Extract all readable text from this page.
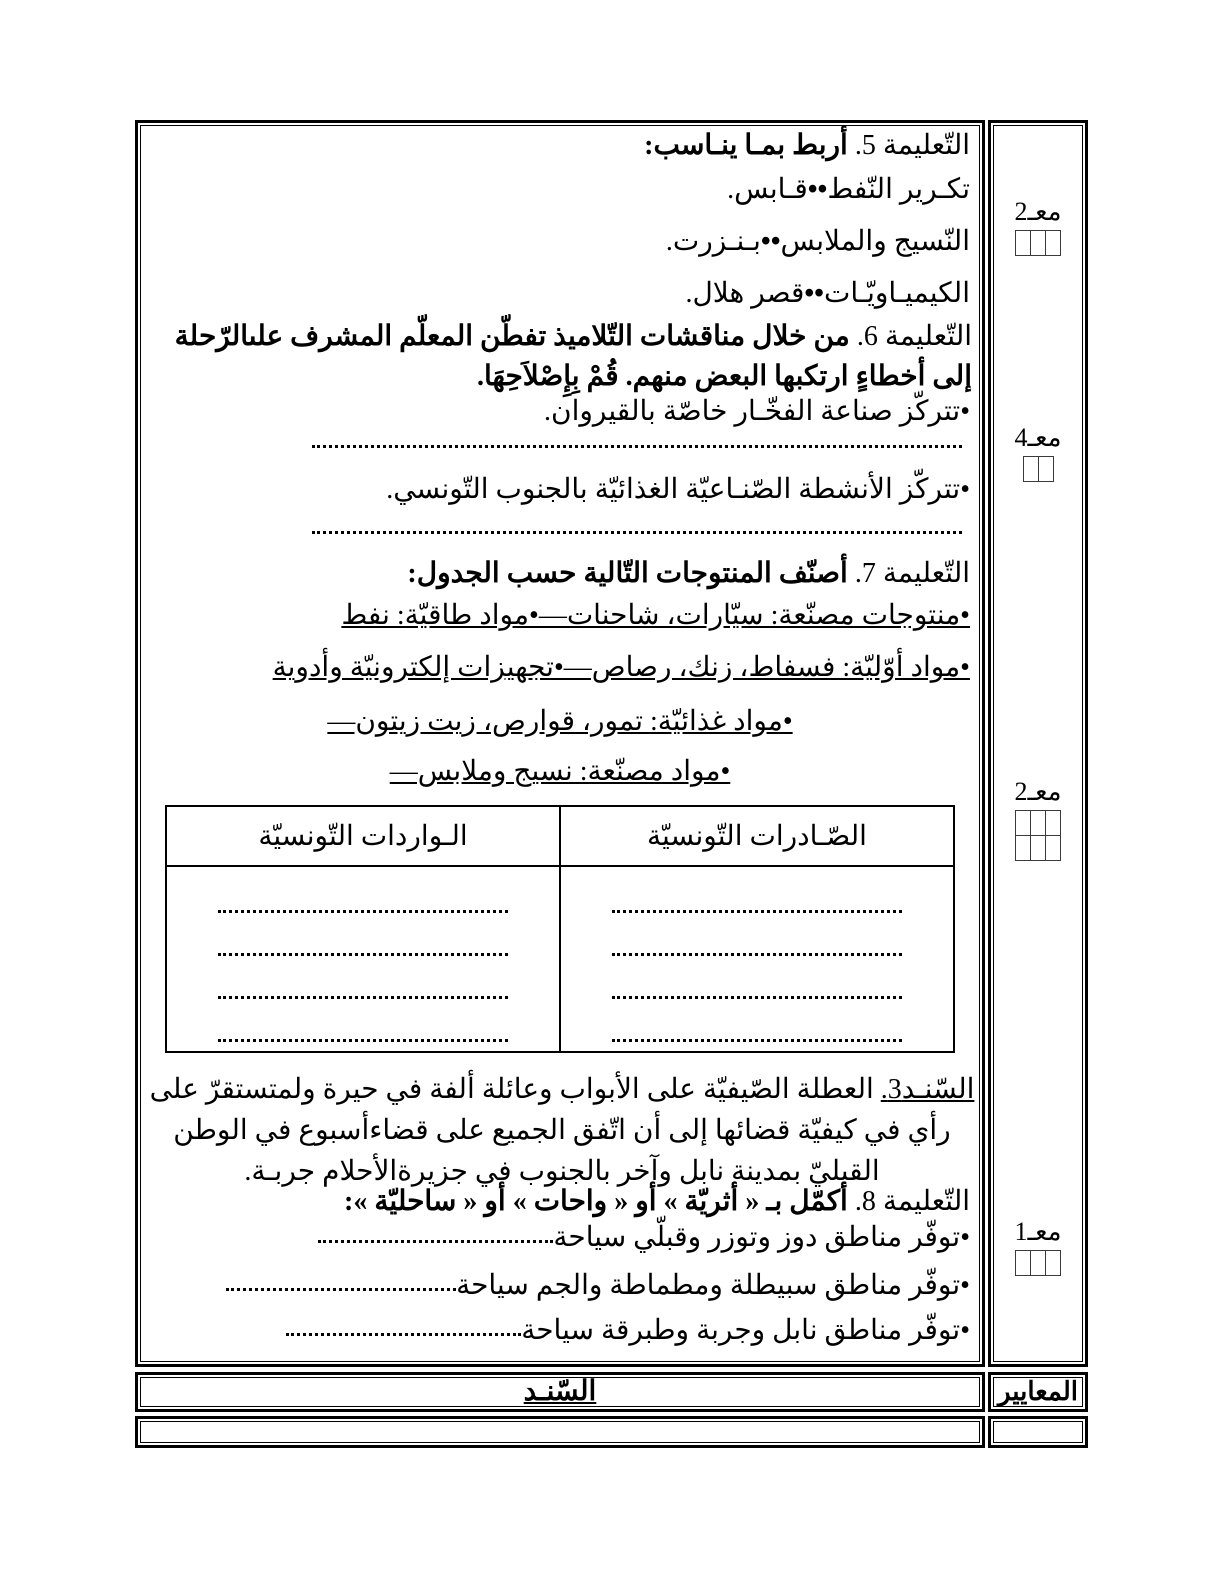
التّعليمة 5. أربط بمـا ينـاسب:
تكـرير النّفط••قـابس.
النّسيج والملابس••بـنـزرت.
الكيميـاويّـات••قصر هلال.
التّعليمة 6. من خلال مناقشات التّلاميذ تفطّن المعلّم المشرف علىالرّحلة إلى أخطاءٍ ارتكبها البعض منهم. قُمْ بِإِصْلاَحِهَا.
•تتركّز صناعة الفخّـار خاصّة بالقيروان.
•تتركّز الأنشطة الصّنـاعيّة الغذائيّة بالجنوب التّونسي.
التّعليمة 7. أصنّف المنتوجات التّالية حسب الجدول:
•منتوجات مصنّعة: سيّارات، شاحنات—•مواد طاقيّة: نفط
•مواد أوّليّة: فسفاط، زنك، رصاص—•تجهيزات إلكترونيّة وأدوية
•مواد غذائيّة: تمور، قوارص، زيت زيتون—
•مواد مصنّعة: نسيج وملابس—
الصّـادرات التّونسيّة	الـواردات التّونسيّة

السّنـد3. العطلة الصّيفيّة على الأبواب وعائلة ألفة في حيرة ولمتستقرّ على رأي في كيفيّة قضائها إلى أن اتّفق الجميع على قضاءأسبوع في الوطن القبليّ بمدينة نابل وآخر بالجنوب في جزيرةالأحلام جربـة.
التّعليمة 8. أكمّل بـ « أثريّة » أو « واحات » أو « ساحليّة »:
•توفّر مناطق دوز وتوزر وقبلّي سياحة
•توفّر مناطق سبيطلة ومطماطة والجم سياحة
•توفّر مناطق نابل وجربة وطبرقة سياحة
معـ2
معـ4
معـ2
معـ1
السّنـد	المعايير
